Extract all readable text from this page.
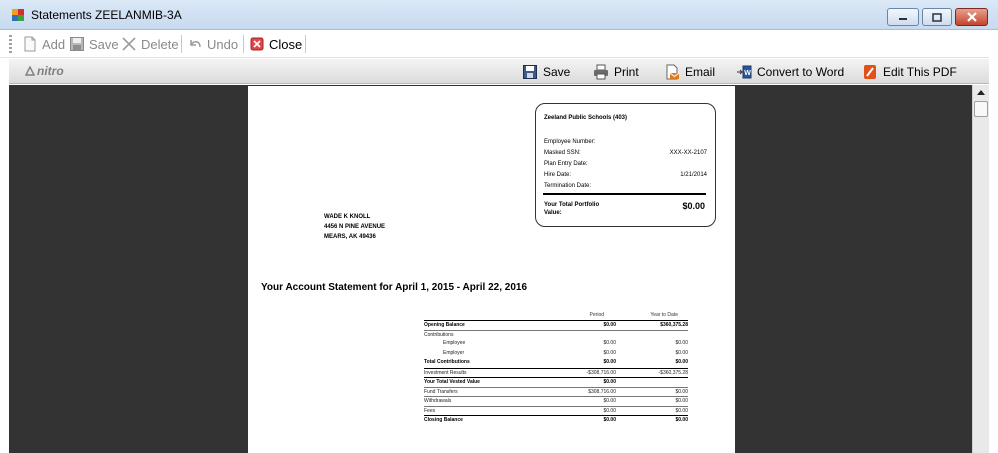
Statements ZEELANMIB-3A
Add Save Delete Undo Close
nitro	Save	Print	Email	W Convert to Word	Edit This PDF
Zeeland Public Schools (403)
Employee Number:
Masked SSN:	XXX-XX-2107
Plan Entry Date:
Hire Date:	1/21/2014
Termination Date:
Your Total Portfolio Value:
$0.00
WADE K KNOLL
4456 N PINE AVENUE
MEARS, AK 49436
Your Account Statement for April 1, 2015 - April 22, 2016
Period	Year to Date
Opening Balance	$0.00	$360,375.28
Contributions
Employee	$0.00	$0.00
Employer	$0.00	$0.00
Total Contributions	$0.00	$0.00
Investment Results	-$308,716.00	-$360,375.28
Your Total Vested Value	$0.00
Fund Transfers	$308,716.00	$0.00
Withdrawals	$0.00	$0.00
Fees	$0.00	$0.00
Closing Balance	$0.00	$0.00
